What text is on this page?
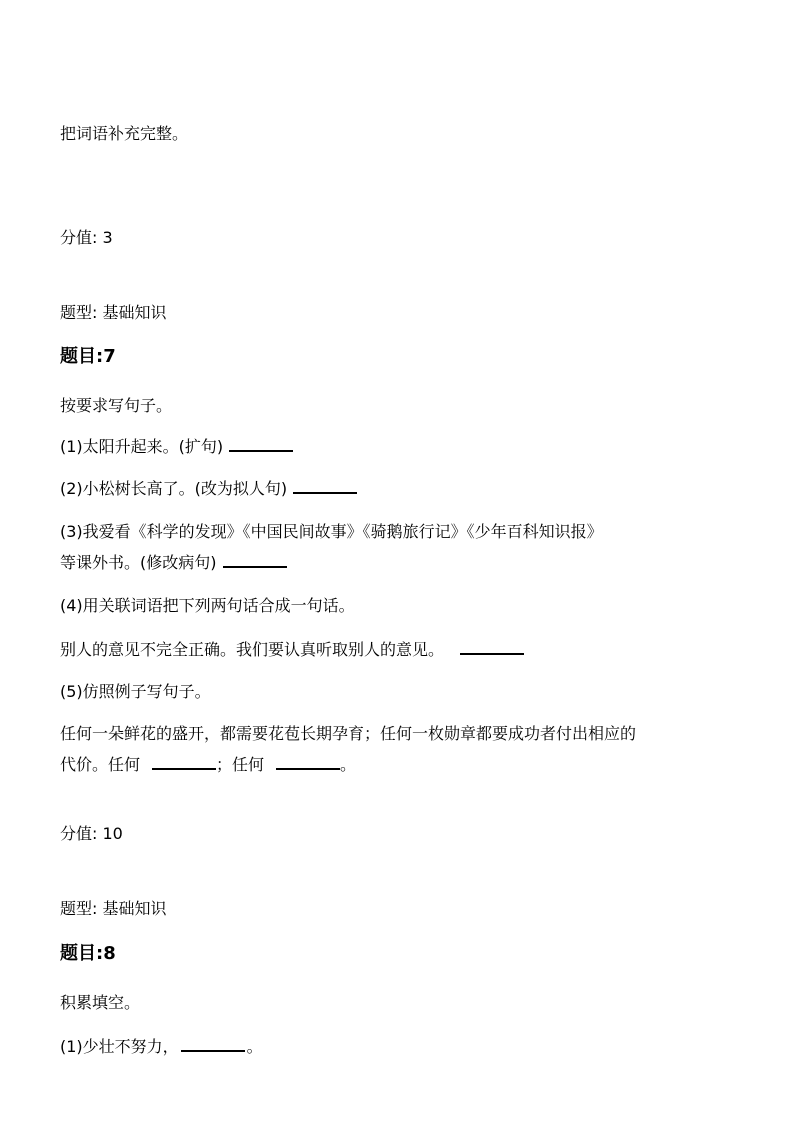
把词语补充完整。
分值: 3
题型: 基础知识
题目:7
按要求写句子。
(1)太阳升起来。(扩句)
(2)小松树长高了。(改为拟人句)
(3)我爱看《科学的发现》《中国民间故事》《骑鹅旅行记》《少年百科知识报》
等课外书。(修改病句)
(4)用关联词语把下列两句话合成一句话。
别人的意见不完全正确。我们要认真听取别人的意见。
(5)仿照例子写句子。
任何一朵鲜花的盛开，都需要花苞长期孕育；任何一枚勋章都要成功者付出相应的
代价。任何	；任何	。
分值: 10
题型: 基础知识
题目:8
积累填空。
(1)少壮不努力，	。
